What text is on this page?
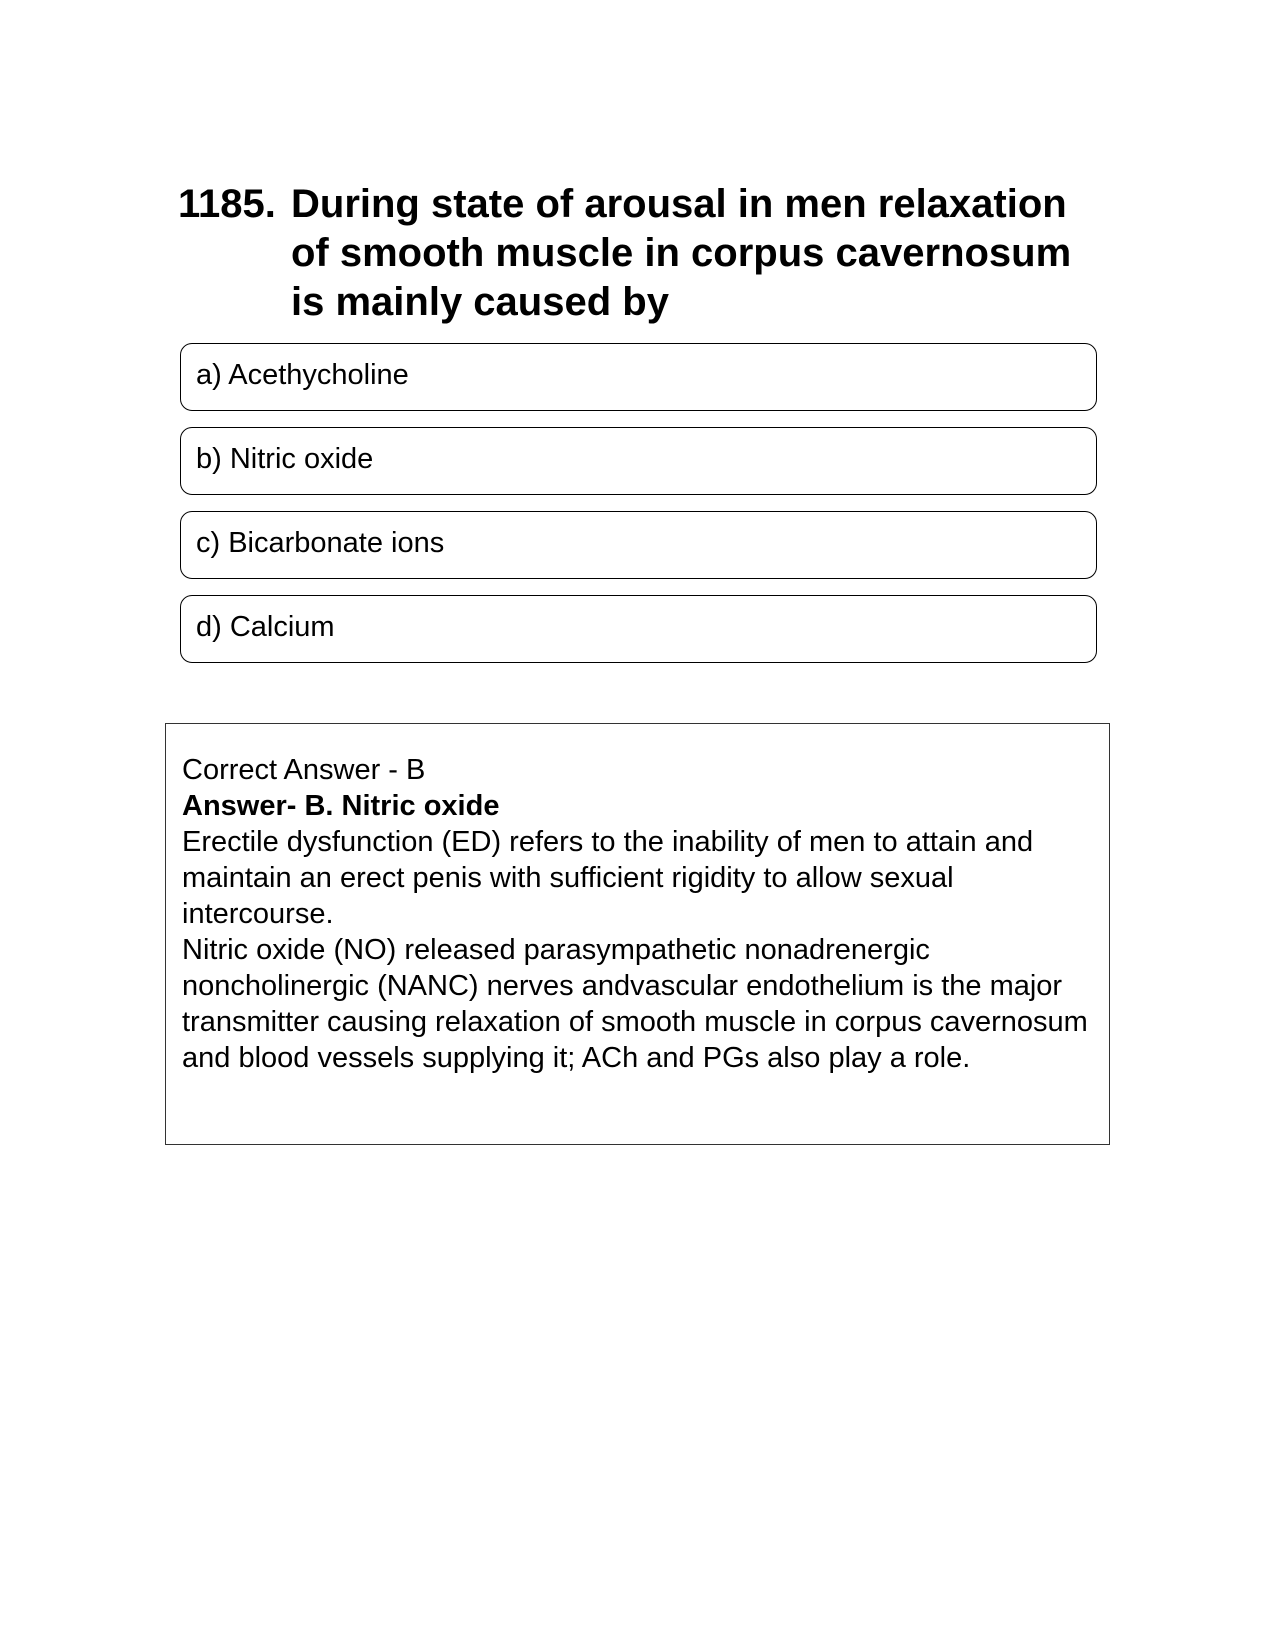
1185. During state of arousal in men relaxation of smooth muscle in corpus cavernosum is mainly caused by
a) Acethycholine
b) Nitric oxide
c) Bicarbonate ions
d) Calcium
Correct Answer - B
Answer- B. Nitric oxide
Erectile dysfunction (ED) refers to the inability of men to attain and maintain an erect penis with sufficient rigidity to allow sexual intercourse.
Nitric oxide (NO) released parasympathetic nonadrenergic noncholinergic (NANC) nerves andvascular endothelium is the major transmitter causing relaxation of smooth muscle in corpus cavernosum and blood vessels supplying it; ACh and PGs also play a role.
